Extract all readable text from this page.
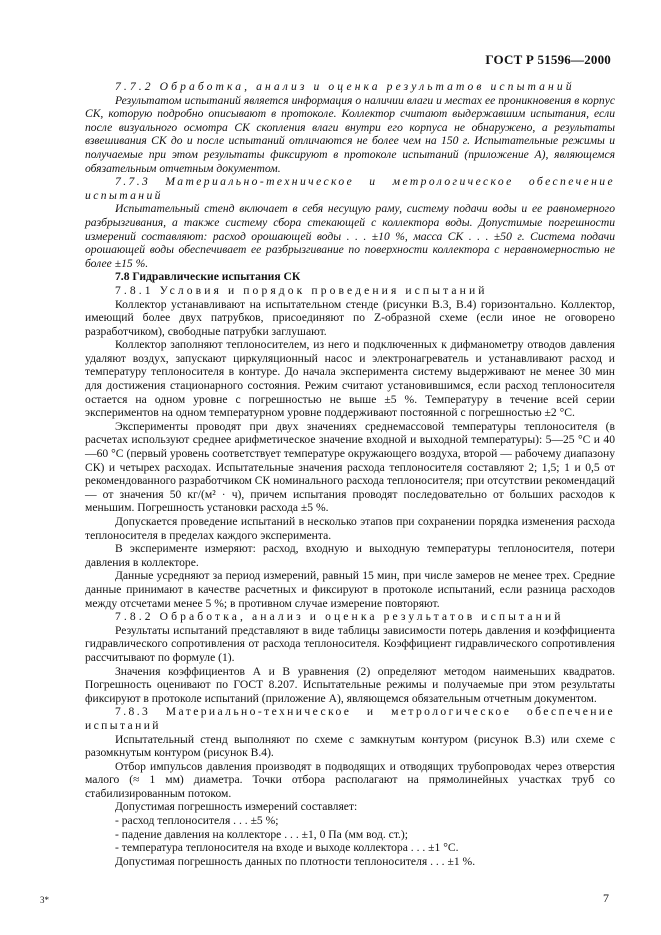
ГОСТ Р 51596—2000

7.7.2 Обработка, анализ и оценка результатов испытаний

Результатом испытаний является информация о наличии влаги и местах ее проникновения в корпус СК, которую подробно описывают в протоколе. Коллектор считают выдержавшим испытания, если после визуального осмотра СК скопления влаги внутри его корпуса не обнаружено, а результаты взвешивания СК до и после испытаний отличаются не более чем на 150 г. Испытательные режимы и получаемые при этом результаты фиксируют в протоколе испытаний (приложение А), являющемся обязательным отчетным документом.

7.7.3 Материально-техническое и метрологическое обеспечение испытаний

Испытательный стенд включает в себя несущую раму, систему подачи воды и ее равномерного разбрызгивания, а также систему сбора стекающей с коллектора воды. Допустимые погрешности измерений составляют: расход орошающей воды . . . ±10 %, масса СК . . . ±50 г. Система подачи орошающей воды обеспечивает ее разбрызгивание по поверхности коллектора с неравномерностью не более ±15 %.

7.8 Гидравлические испытания СК

7.8.1 Условия и порядок проведения испытаний

Коллектор устанавливают на испытательном стенде (рисунки В.3, В.4) горизонтально. Коллектор, имеющий более двух патрубков, присоединяют по Z-образной схеме (если иное не оговорено разработчиком), свободные патрубки заглушают.

Коллектор заполняют теплоносителем, из него и подключенных к дифманометру отводов давления удаляют воздух, запускают циркуляционный насос и электронагреватель и устанавливают расход и температуру теплоносителя в контуре. До начала эксперимента систему выдерживают не менее 30 мин для достижения стационарного состояния. Режим считают установившимся, если расход теплоносителя остается на одном уровне с погрешностью не выше ±5 %. Температуру в течение всей серии экспериментов на одном температурном уровне поддерживают постоянной с погрешностью ±2 °С.

Эксперименты проводят при двух значениях среднемассовой температуры теплоносителя (в расчетах используют среднее арифметическое значение входной и выходной температуры): 5—25 °С и 40—60 °С (первый уровень соответствует температуре окружающего воздуха, второй — рабочему диапазону СК) и четырех расходах. Испытательные значения расхода теплоносителя составляют 2; 1,5; 1 и 0,5 от рекомендованного разработчиком СК номинального расхода теплоносителя; при отсутствии рекомендаций — от значения 50 кг/(м² · ч), причем испытания проводят последовательно от больших расходов к меньшим. Погрешность установки расхода ±5 %.

Допускается проведение испытаний в несколько этапов при сохранении порядка изменения расхода теплоносителя в пределах каждого эксперимента.

В эксперименте измеряют: расход, входную и выходную температуры теплоносителя, потери давления в коллекторе.

Данные усредняют за период измерений, равный 15 мин, при числе замеров не менее трех. Средние данные принимают в качестве расчетных и фиксируют в протоколе испытаний, если разница расходов между отсчетами менее 5 %; в противном случае измерение повторяют.

7.8.2 Обработка, анализ и оценка результатов испытаний

Результаты испытаний представляют в виде таблицы зависимости потерь давления и коэффициента гидравлического сопротивления от расхода теплоносителя. Коэффициент гидравлического сопротивления рассчитывают по формуле (1).

Значения коэффициентов А и В уравнения (2) определяют методом наименьших квадратов. Погрешность оценивают по ГОСТ 8.207. Испытательные режимы и получаемые при этом результаты фиксируют в протоколе испытаний (приложение А), являющемся обязательным отчетным документом.

7.8.3 Материально-техническое и метрологическое обеспечение испытаний

Испытательный стенд выполняют по схеме с замкнутым контуром (рисунок В.3) или схеме с разомкнутым контуром (рисунок В.4).

Отбор импульсов давления производят в подводящих и отводящих трубопроводах через отверстия малого (≈ 1 мм) диаметра. Точки отбора располагают на прямолинейных участках труб со стабилизированным потоком.

Допустимая погрешность измерений составляет:

- расход теплоносителя . . . ±5 %;
- падение давления на коллекторе . . . ±1, 0 Па (мм вод. ст.);
- температура теплоносителя на входе и выходе коллектора . . . ±1 °С.

Допустимая погрешность данных по плотности теплоносителя . . . ±1 %.

3*	7
